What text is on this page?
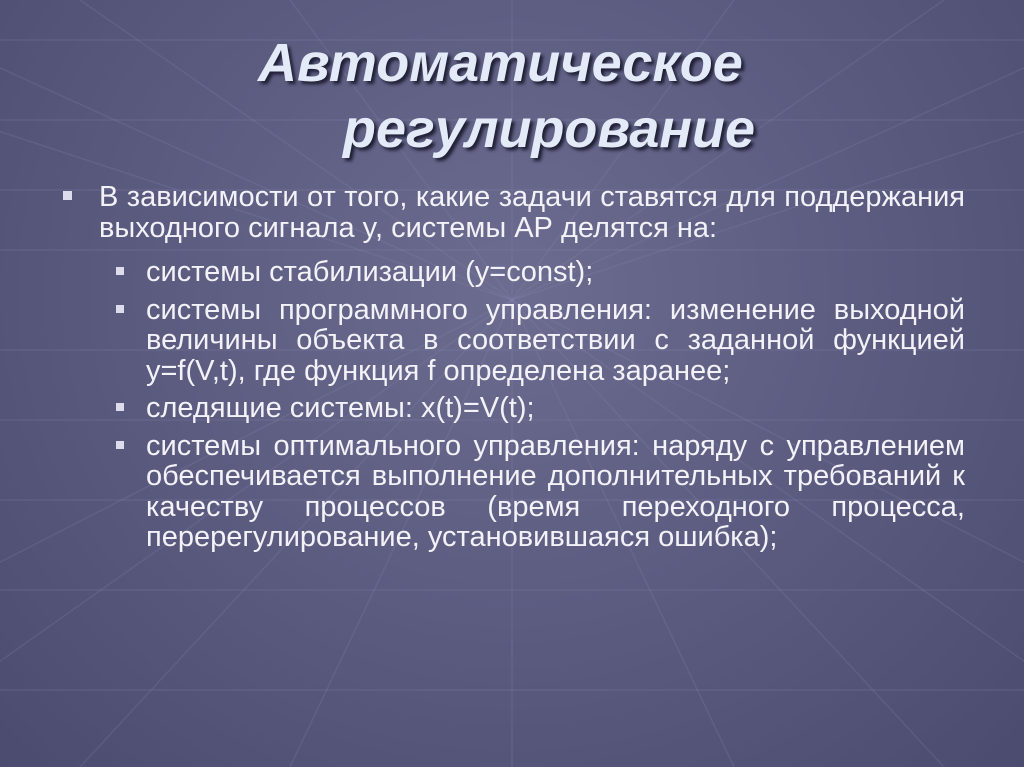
Автоматическое
регулирование
В зависимости от того, какие задачи ставятся для поддержания выходного сигнала y, системы АР делятся на:
системы стабилизации (y=const);
системы программного управления: изменение выходной величины объекта в соответствии с заданной функцией y=f(V,t), где функция f определена заранее;
следящие системы: x(t)=V(t);
системы оптимального управления: наряду с управлением обеспечивается выполнение дополнительных требований к качеству процессов (время переходного процесса, перерегулирование, установившаяся ошибка);
